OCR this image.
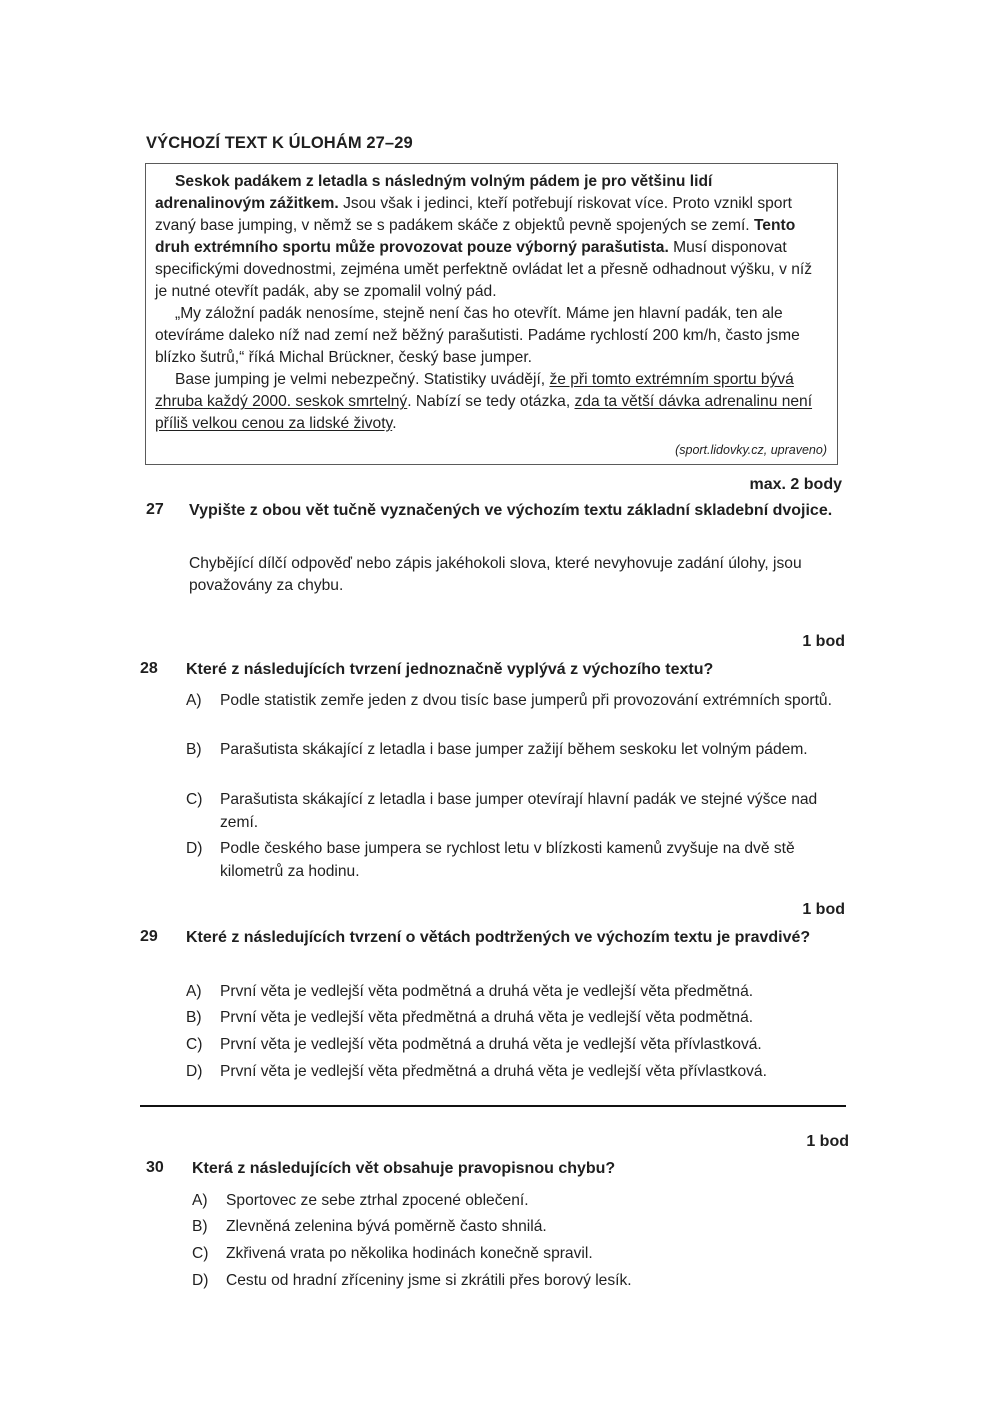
VÝCHOZÍ TEXT K ÚLOHÁM 27–29

Seskok padákem z letadla s následným volným pádem je pro většinu lidí adrenalinovým zážitkem. Jsou však i jedinci, kteří potřebují riskovat více. Proto vznikl sport zvaný base jumping, v němž se s padákem skáče z objektů pevně spojených se zemí. Tento druh extrémního sportu může provozovat pouze výborný parašutista. Musí disponovat specifickými dovednostmi, zejména umět perfektně ovládat let a přesně odhadnout výšku, v níž je nutné otevřít padák, aby se zpomalil volný pád.

„My záložní padák nenosíme, stejně není čas ho otevřít. Máme jen hlavní padák, ten ale otevíráme daleko níž nad zemí než běžný parašutisti. Padáme rychlostí 200 km/h, často jsme blízko šutrů,“ říká Michal Brückner, český base jumper.

Base jumping je velmi nebezpečný. Statistiky uvádějí, že při tomto extrémním sportu bývá zhruba každý 2000. seskok smrtelný. Nabízí se tedy otázka, zda ta větší dávka adrenalinu není příliš velkou cenou za lidské životy.

(sport.lidovky.cz, upraveno)
max. 2 body
27 Vypište z obou vět tučně vyznačených ve výchozím textu základní skladební dvojice.
Chybějící dílčí odpověď nebo zápis jakéhokoli slova, které nevyhovuje zadání úlohy, jsou považovány za chybu.
1 bod
28 Které z následujících tvrzení jednoznačně vyplývá z výchozího textu?
A) Podle statistik zemře jeden z dvou tisíc base jumperů při provozování extrémních sportů.
B) Parašutista skákající z letadla i base jumper zažijí během seskoku let volným pádem.
C) Parašutista skákající z letadla i base jumper otevírají hlavní padák ve stejné výšce nad zemí.
D) Podle českého base jumpera se rychlost letu v blízkosti kamenů zvyšuje na dvě stě kilometrů za hodinu.
1 bod
29 Které z následujících tvrzení o větách podtržených ve výchozím textu je pravdivé?
A) První věta je vedlejší věta podmětná a druhá věta je vedlejší věta předmětná.
B) První věta je vedlejší věta předmětná a druhá věta je vedlejší věta podmětná.
C) První věta je vedlejší věta podmětná a druhá věta je vedlejší věta přívlastková.
D) První věta je vedlejší věta předmětná a druhá věta je vedlejší věta přívlastková.
1 bod
30 Která z následujících vět obsahuje pravopisnou chybu?
A) Sportovec ze sebe ztrhal zpocené oblečení.
B) Zlevněná zelenina bývá poměrně často shnilá.
C) Zkřivená vrata po několika hodinách konečně spravil.
D) Cestu od hradní zříceniny jsme si zkrátili přes borový lesík.
